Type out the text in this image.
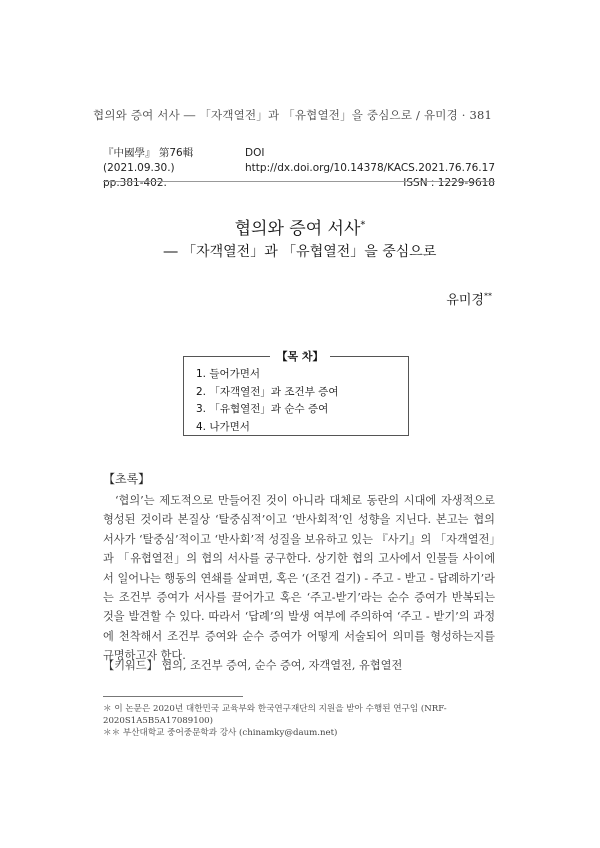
협의와 증여 서사 ― 「자객열전」과 「유협열전」을 중심으로 / 유미경 · 381
『中國學』 第76輯 (2021.09.30.)
DOI http://dx.doi.org/10.14378/KACS.2021.76.76.17
pp.381-402.	ISSN : 1229-9618
협의와 증여 서사*
― 「자객열전」과 「유협열전」을 중심으로
유미경**
【목 차】
1. 들어가면서
2. 「자객열전」과 조건부 증여
3. 「유협열전」과 순수 증여
4. 나가면서
【초록】

‘협의’는 제도적으로 만들어진 것이 아니라 대체로 동란의 시대에 자생적으로 형성된 것이라 본질상 ‘탈중심적’이고 ‘반사회적’인 성향을 지닌다. 본고는 협의 서사가 ‘탈중심’적이고 ‘반사회’적 성질을 보유하고 있는 『사기』의 「자객열전」과 「유협열전」의 협의 서사를 궁구한다. 상기한 협의 고사에서 인물들 사이에서 일어나는 행동의 연쇄를 살펴면, 혹은 ‘(조건 걸기) - 주고 - 받고 - 답례하기’라는 조건부 증여가 서사를 끌어가고 혹은 ‘주고-받기’라는 순수 증여가 반복되는 것을 발견할 수 있다. 따라서 ‘답례’의 발생 여부에 주의하여 ‘주고 - 받기’의 과정에 천착해서 조건부 증여와 순수 증여가 어떻게 서술되어 의미를 형성하는지를 규명하고자 한다.

【키워드】 협의, 조건부 증여, 순수 증여, 자객열전, 유협열전
＊ 이 논문은 2020년 대한민국 교육부와 한국연구재단의 지원을 받아 수행된 연구임 (NRF-2020S1A5B5A17089100)
＊＊ 부산대학교 중어중문학과 강사 (chinamky@daum.net)
